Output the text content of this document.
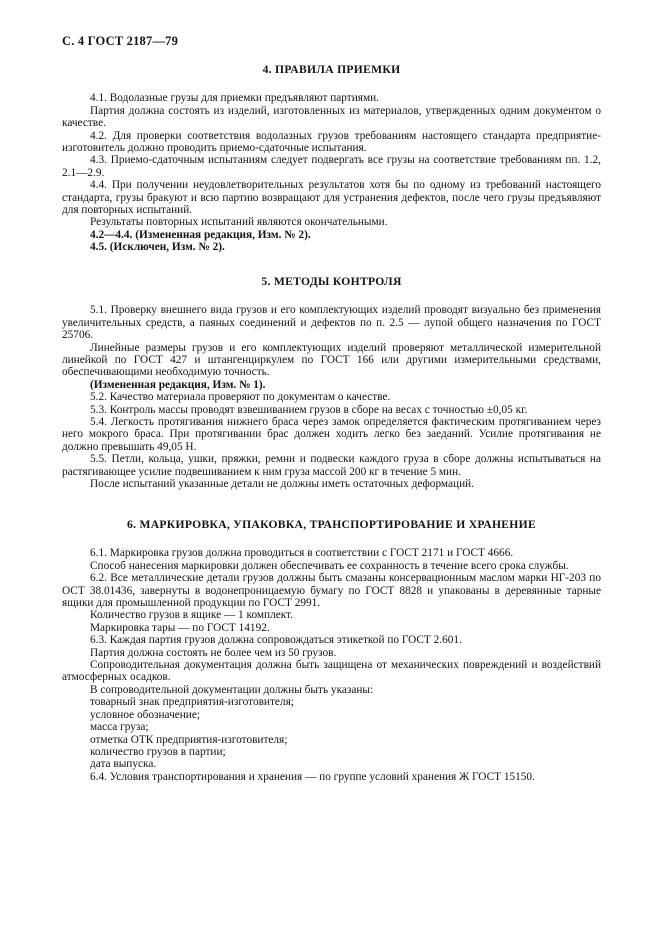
С. 4 ГОСТ 2187—79
4. ПРАВИЛА ПРИЕМКИ

4.1. Водолазные грузы для приемки предъявляют партиями.

Партия должна состоять из изделий, изготовленных из материалов, утвержденных одним документом о качестве.

4.2. Для проверки соответствия водолазных грузов требованиям настоящего стандарта предприятие-изготовитель должно проводить приемо-сдаточные испытания.

4.3. Приемо-сдаточным испытаниям следует подвергать все грузы на соответствие требованиям пп. 1.2, 2.1—2.9.

4.4. При получении неудовлетворительных результатов хотя бы по одному из требований настоящего стандарта, грузы бракуют и всю партию возвращают для устранения дефектов, после чего грузы предъявляют для повторных испытаний.

Результаты повторных испытаний являются окончательными.

4.2—4.4. (Измененная редакция, Изм. № 2).

4.5. (Исключен, Изм. № 2).

5. МЕТОДЫ КОНТРОЛЯ

5.1. Проверку внешнего вида грузов и его комплектующих изделий проводят визуально без применения увеличительных средств, а паяных соединений и дефектов по п. 2.5 — лупой общего назначения по ГОСТ 25706.

Линейные размеры грузов и его комплектующих изделий проверяют металлической измерительной линейкой по ГОСТ 427 и штангенциркулем по ГОСТ 166 или другими измерительными средствами, обеспечивающими необходимую точность.

(Измененная редакция, Изм. № 1).

5.2. Качество материала проверяют по документам о качестве.

5.3. Контроль массы проводят взвешиванием грузов в сборе на весах с точностью ±0,05 кг.

5.4. Легкость протягивания нижнего браса через замок определяется фактическим протягиванием через него мокрого браса. При протягивании брас должен ходить легко без заеданий. Усилие протягивания не должно превышать 49,05 Н.

5.5. Петли, кольца, ушки, пряжки, ремни и подвески каждого груза в сборе должны испытываться на растягивающее усилие подвешиванием к ним груза массой 200 кг в течение 5 мин.

После испытаний указанные детали не должны иметь остаточных деформаций.

6. МАРКИРОВКА, УПАКОВКА, ТРАНСПОРТИРОВАНИЕ И ХРАНЕНИЕ

6.1. Маркировка грузов должна проводиться в соответствии с ГОСТ 2171 и ГОСТ 4666.

Способ нанесения маркировки должен обеспечивать ее сохранность в течение всего срока службы.

6.2. Все металлические детали грузов должны быть смазаны консервационным маслом марки НГ-203 по ОСТ 38.01436, завернуты в водонепроницаемую бумагу по ГОСТ 8828 и упакованы в деревянные тарные ящики для промышленной продукции по ГОСТ 2991.

Количество грузов в ящике — 1 комплект.

Маркировка тары — по ГОСТ 14192.

6.3. Каждая партия грузов должна сопровождаться этикеткой по ГОСТ 2.601.

Партия должна состоять не более чем из 50 грузов.

Сопроводительная документация должна быть защищена от механических повреждений и воздействий атмосферных осадков.

В сопроводительной документации должны быть указаны:

товарный знак предприятия-изготовителя;

условное обозначение;

масса груза;

отметка ОТК предприятия-изготовителя;

количество грузов в партии;

дата выпуска.

6.4. Условия транспортирования и хранения — по группе условий хранения Ж ГОСТ 15150.
